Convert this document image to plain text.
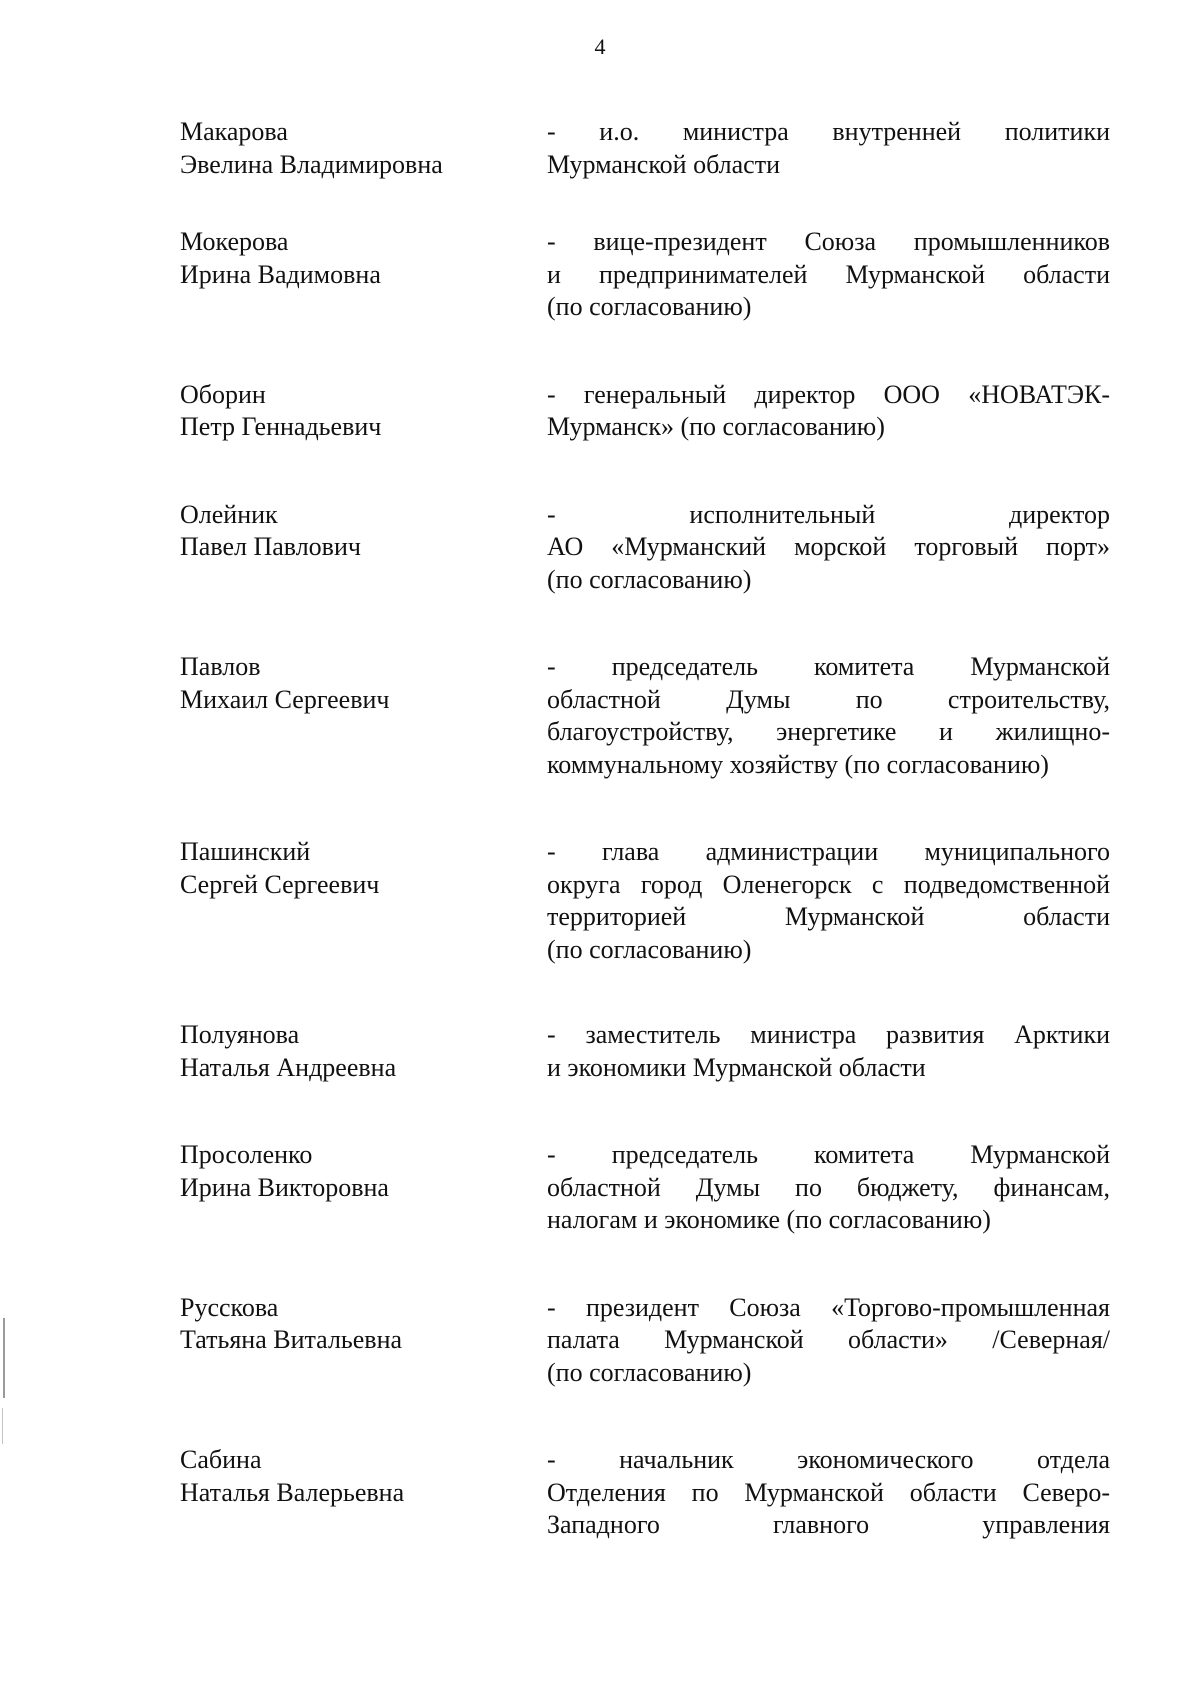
4
Макарова
Эвелина Владимировна
- и.о. министра внутренней политики
Мурманской области
Мокерова
Ирина Вадимовна
- вице-президент Союза промышленников
и предпринимателей Мурманской области
(по согласованию)
Оборин
Петр Геннадьевич
- генеральный директор ООО «НОВАТЭК-
Мурманск» (по согласованию)
Олейник
Павел Павлович
- исполнительный директор
АО «Мурманский морской торговый порт»
(по согласованию)
Павлов
Михаил Сергеевич
- председатель комитета Мурманской
областной Думы по строительству,
благоустройству, энергетике и жилищно-
коммунальному хозяйству (по согласованию)
Пашинский
Сергей Сергеевич
- глава администрации муниципального
округа город Оленегорск с подведомственной
территорией Мурманской области
(по согласованию)
Полуянова
Наталья Андреевна
- заместитель министра развития Арктики
и экономики Мурманской области
Просоленко
Ирина Викторовна
- председатель комитета Мурманской
областной Думы по бюджету, финансам,
налогам и экономике (по согласованию)
Русскова
Татьяна Витальевна
- президент Союза «Торгово-промышленная
палата Мурманской области» /Северная/
(по согласованию)
Сабина
Наталья Валерьевна
- начальник экономического отдела
Отделения по Мурманской области Северо-
Западного главного управления
